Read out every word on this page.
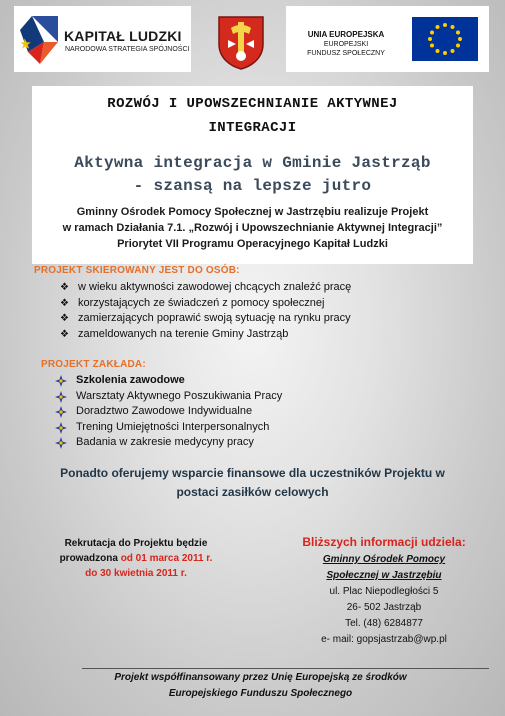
KAPITAŁ LUDZKI
NARODOWA STRATEGIA SPÓJNOŚCI
UNIA EUROPEJSKA
EUROPEJSKI
FUNDUSZ SPOŁECZNY
ROZWÓJ I UPOWSZECHNIANIE AKTYWNEJ
INTEGRACJI
Aktywna integracja w Gminie Jastrząb
- szansą na lepsze jutro
Gminny Ośrodek Pomocy Społecznej w Jastrzębiu realizuje Projekt
w ramach Działania 7.1. „Rozwój i Upowszechnianie Aktywnej Integracji”
Priorytet VII Programu Operacyjnego Kapitał Ludzki
PROJEKT SKIEROWANY JEST DO OSÓB:
❖ w wieku aktywności zawodowej chcących znaleźć pracę
❖ korzystających ze świadczeń z pomocy społecznej
❖ zamierzających poprawić swoją sytuację na rynku pracy
❖ zameldowanych na terenie Gminy Jastrząb
PROJEKT ZAKŁADA:
Szkolenia zawodowe
Warsztaty Aktywnego Poszukiwania Pracy
Doradztwo Zawodowe Indywidualne
Trening Umiejętności Interpersonalnych
Badania w zakresie medycyny pracy
Ponadto oferujemy wsparcie finansowe dla uczestników Projektu w
postaci zasiłków celowych
Rekrutacja do Projektu będzie
prowadzona od 01 marca 2011 r.
do 30 kwietnia 2011 r.
Bliższych informacji udziela:
Gminny Ośrodek Pomocy
Społecznej w Jastrzębiu
ul. Plac Niepodległości 5
26- 502 Jastrząb
Tel. (48) 6284877
e- mail: gopsjastrzab@wp.pl
Projekt współfinansowany przez Unię Europejską ze środków
Europejskiego Funduszu Społecznego
